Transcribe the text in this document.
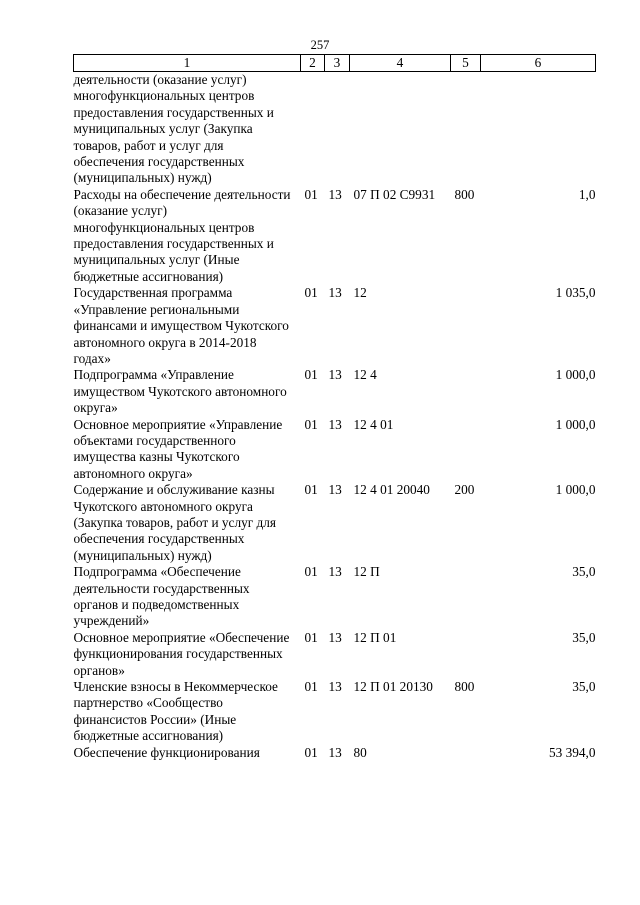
257
1	2	3	4	5	6
деятельности (оказание услуг) многофункциональных центров предоставления государственных и муниципальных услуг (Закупка товаров, работ и услуг для обеспечения государственных (муниципальных) нужд)					
Расходы на обеспечение деятельности (оказание услуг) многофункциональных центров предоставления государственных и муниципальных услуг (Иные бюджетные ассигнования)	01	13	07 П 02 С9931	800	1,0
Государственная программа «Управление региональными финансами и имуществом Чукотского автономного округа в 2014-2018 годах»	01	13	12		1 035,0
Подпрограмма «Управление имуществом Чукотского автономного округа»	01	13	12 4		1 000,0
Основное мероприятие «Управление объектами государственного имущества казны Чукотского автономного округа»	01	13	12 4 01		1 000,0
Содержание и обслуживание казны Чукотского автономного округа (Закупка товаров, работ и услуг для обеспечения государственных (муниципальных) нужд)	01	13	12 4 01 20040	200	1 000,0
Подпрограмма «Обеспечение деятельности государственных органов и подведомственных учреждений»	01	13	12 П		35,0
Основное мероприятие «Обеспечение функционирования государственных органов»	01	13	12 П 01		35,0
Членские взносы в Некоммерческое партнерство «Сообщество финансистов России» (Иные бюджетные ассигнования)	01	13	12 П 01 20130	800	35,0
Обеспечение функционирования	01	13	80		53 394,0
